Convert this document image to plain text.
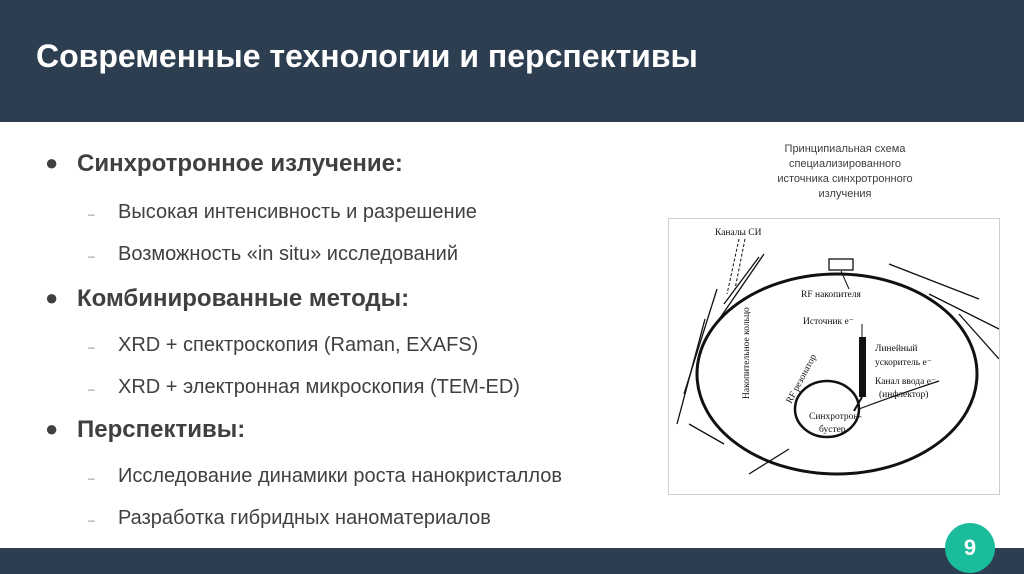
Современные технологии и перспективы
● Синхротронное излучение:
– Высокая интенсивность и разрешение
– Возможность «in situ» исследований
● Комбинированные методы:
– XRD + спектроскопия (Raman, EXAFS)
– XRD + электронная микроскопия (TEM-ED)
● Перспективы:
– Исследование динамики роста нанокристаллов
– Разработка гибридных наноматериалов
Принципиальная схема
специализированного
источника синхротронного
излучения
Каналы СИ
RF накопителя
Источник e⁻
Накопительное кольцо	RF резонатор
Линейный
ускоритель e⁻
Канал ввода e⁻
(инфлектор)
Синхротрон-
бустер
9
